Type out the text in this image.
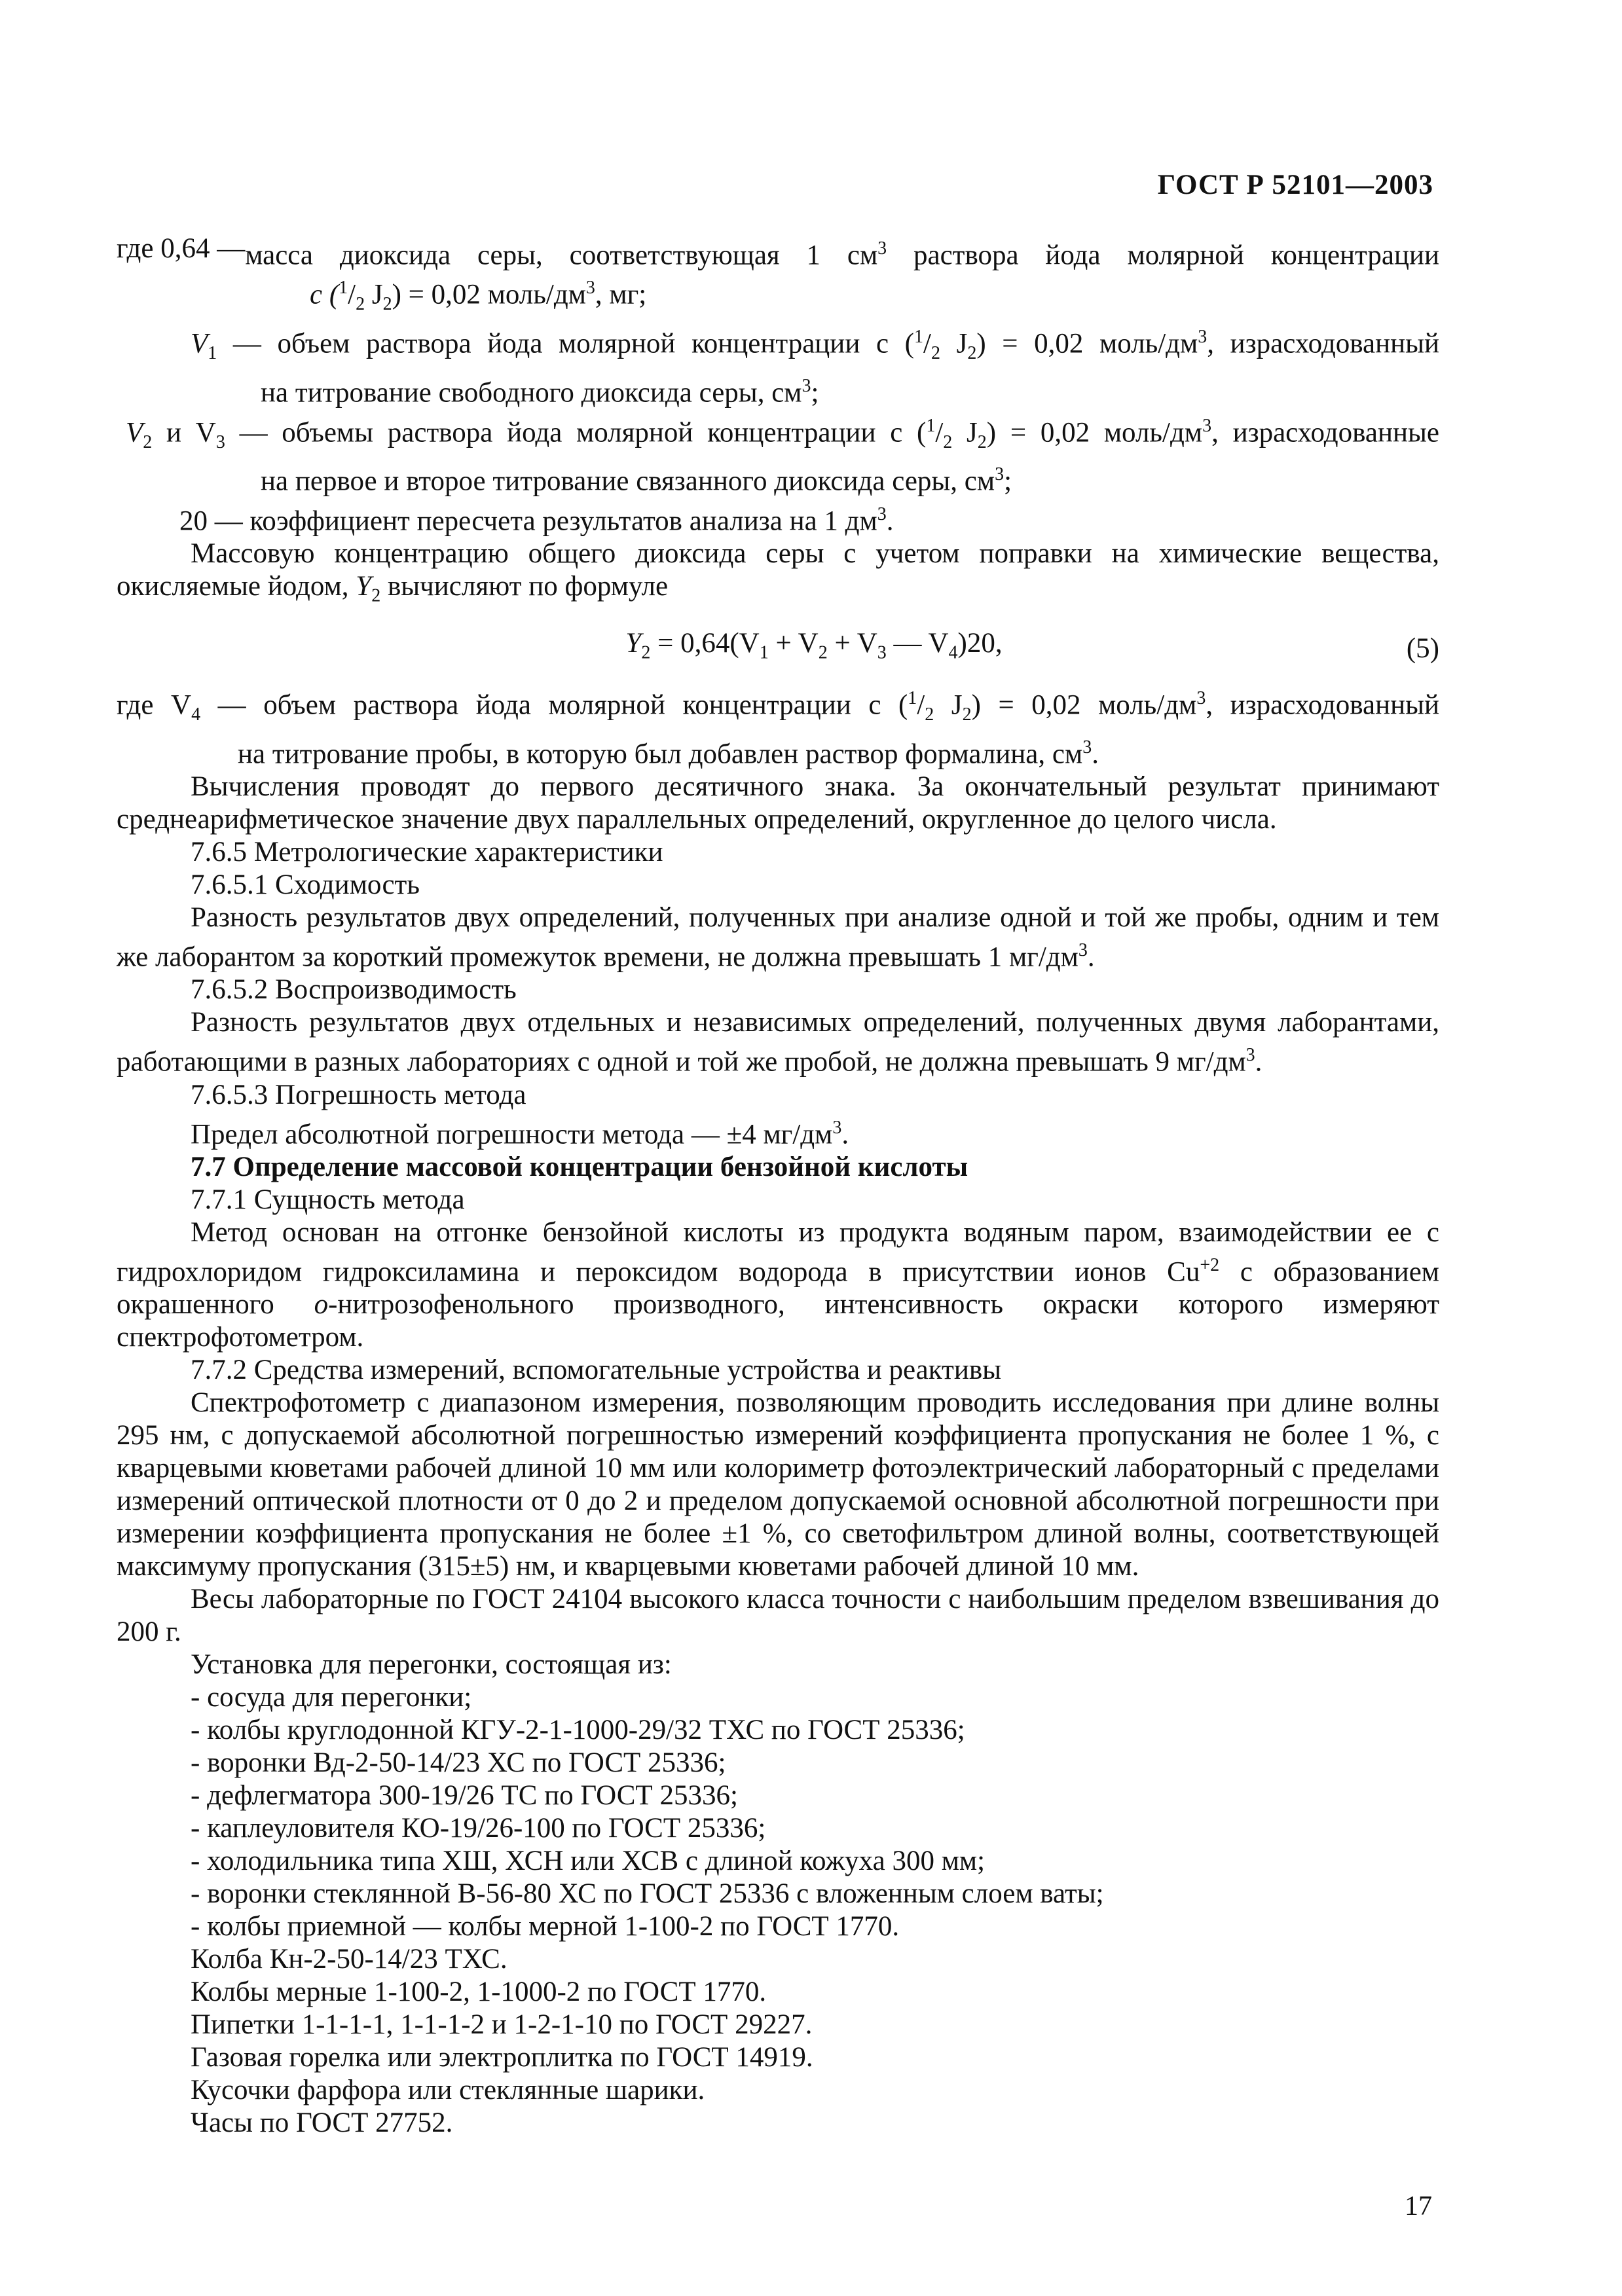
ГОСТ Р 52101—2003
где 0,64 — масса диоксида серы, соответствующая 1 $см^3$ раствора йода молярной концентрации

c ($^1/_2$ $J_2) = 0,02$ моль/$дм^3$, мг;

$V_1$ — объем раствора йода молярной концентрации c ($^1/_2$ $J_2) = 0,02$ моль/$дм^3$, израсходованный

на титрование свободного диоксида серы, $см^3$;

$V_2$ и $V_3$ — объемы раствора йода молярной концентрации c ($^1/_2$ $J_2) = 0,02$ моль/$дм^3$, израсходованные

на первое и второе титрование связанного диоксида серы, $см^3$;

20 — коэффициент пересчета результатов анализа на 1 $дм^3$.

Массовую концентрацию общего диоксида серы с учетом поправки на химические вещества, окисляемые йодом, $Y_2$ вычисляют по формуле

$Y_2 = 0,64(V_1 + V_2 + V_3$ — $V_4)20$,	(5)

где $V_4$ — объем раствора йода молярной концентрации c ($^1/_2$ $J_2) = 0,02$ моль/$дм^3$, израсходованный

на титрование пробы, в которую был добавлен раствор формалина, $см^3$.

Вычисления проводят до первого десятичного знака. За окончательный результат принимают среднеарифметическое значение двух параллельных определений, округленное до целого числа.

7.6.5 Метрологические характеристики

7.6.5.1 Сходимость

Разность результатов двух определений, полученных при анализе одной и той же пробы, одним и тем же лаборантом за короткий промежуток времени, не должна превышать 1 $мг/дм^3$.

7.6.5.2 Воспроизводимость

Разность результатов двух отдельных и независимых определений, полученных двумя лаборантами, работающими в разных лабораториях с одной и той же пробой, не должна превышать 9 $мг/дм^3$.

7.6.5.3 Погрешность метода

Предел абсолютной погрешности метода — ±4 $мг/дм^3$.

7.7 Определение массовой концентрации бензойной кислоты

7.7.1 Сущность метода

Метод основан на отгонке бензойной кислоты из продукта водяным паром, взаимодействии ее с гидрохлоридом гидроксиламина и пероксидом водорода в присутствии ионов $Cu^{+2}$ с образованием окрашенного o-нитрозофенольного производного, интенсивность окраски которого измеряют спектрофотометром.

7.7.2 Средства измерений, вспомогательные устройства и реактивы

Спектрофотометр с диапазоном измерения, позволяющим проводить исследования при длине волны 295 нм, с допускаемой абсолютной погрешностью измерений коэффициента пропускания не более 1 %, с кварцевыми кюветами рабочей длиной 10 мм или колориметр фотоэлектрический лабораторный с пределами измерений оптической плотности от 0 до 2 и пределом допускаемой основной абсолютной погрешности при измерении коэффициента пропускания не более ±1 %, со светофильтром длиной волны, соответствующей максимуму пропускания (315±5) нм, и кварцевыми кюветами рабочей длиной 10 мм.

Весы лабораторные по ГОСТ 24104 высокого класса точности с наибольшим пределом взвешивания до 200 г.

Установка для перегонки, состоящая из:

- сосуда для перегонки;

- колбы круглодонной КГУ-2-1-1000-29/32 ТХС по ГОСТ 25336;

- воронки Вд-2-50-14/23 ХС по ГОСТ 25336;

- дефлегматора 300-19/26 ТС по ГОСТ 25336;

- каплеуловителя КО-19/26-100 по ГОСТ 25336;

- холодильника типа ХШ, ХСН или ХСВ с длиной кожуха 300 мм;

- воронки стеклянной В-56-80 ХС по ГОСТ 25336 с вложенным слоем ваты;

- колбы приемной — колбы мерной 1-100-2 по ГОСТ 1770.

Колба Кн-2-50-14/23 ТХС.

Колбы мерные 1-100-2, 1-1000-2 по ГОСТ 1770.

Пипетки 1-1-1-1, 1-1-1-2 и 1-2-1-10 по ГОСТ 29227.

Газовая горелка или электроплитка по ГОСТ 14919.

Кусочки фарфора или стеклянные шарики.

Часы по ГОСТ 27752.

17
